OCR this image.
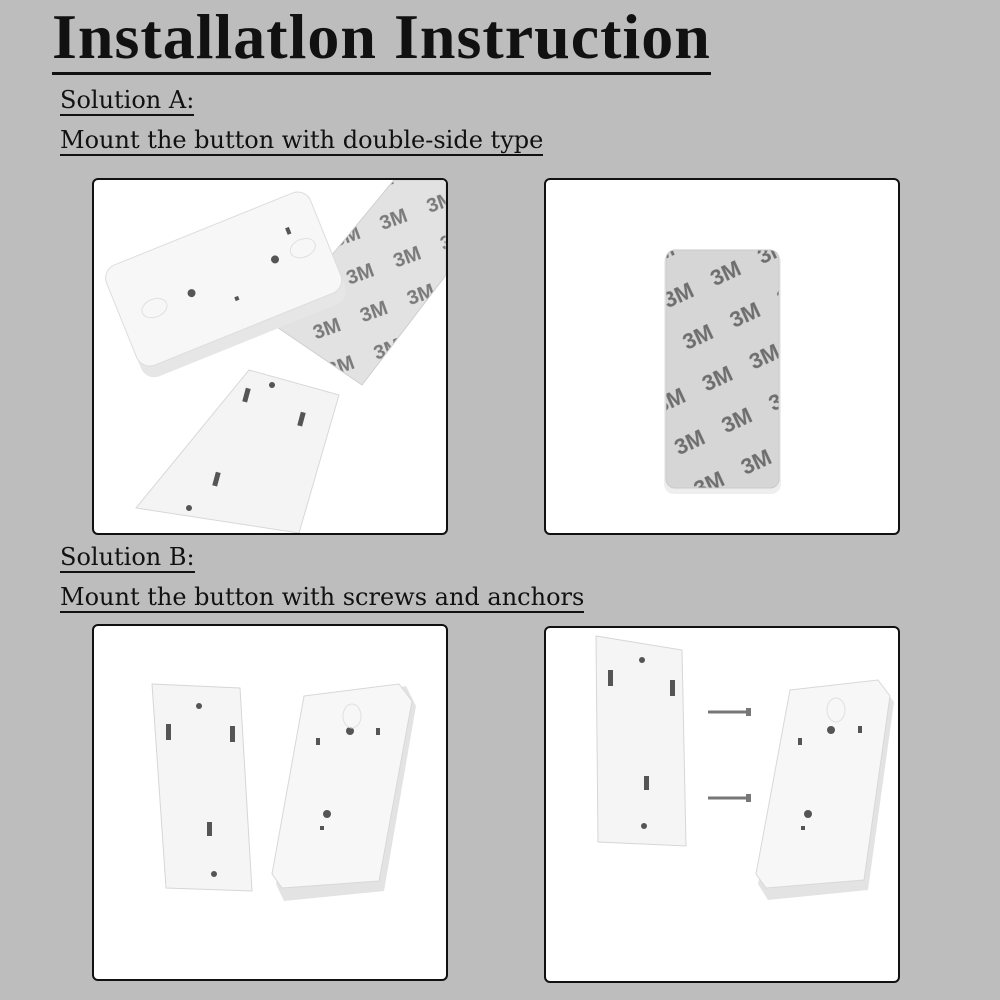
Installatlon Instruction
Solution A:
Mount the button with double-side type
Solution B:
Mount the button with screws and anchors
